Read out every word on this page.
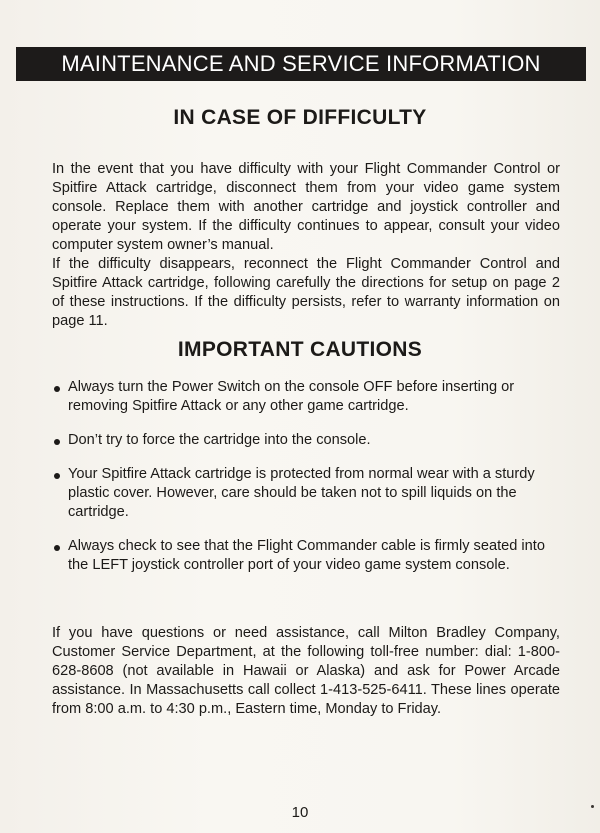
MAINTENANCE AND SERVICE INFORMATION
IN CASE OF DIFFICULTY

In the event that you have difficulty with your Flight Commander Control or Spitfire Attack cartridge, disconnect them from your video game system console. Replace them with another cartridge and joystick controller and operate your system. If the difficulty continues to appear, consult your video computer system owner’s manual.

If the difficulty disappears, reconnect the Flight Commander Control and Spitfire Attack cartridge, following carefully the directions for setup on page 2 of these instructions. If the difficulty persists, refer to warranty information on page 11.

IMPORTANT CAUTIONS
Always turn the Power Switch on the console OFF before inserting or removing Spitfire Attack or any other game cartridge.
Don’t try to force the cartridge into the console.
Your Spitfire Attack cartridge is protected from normal wear with a sturdy plastic cover. However, care should be taken not to spill liquids on the cartridge.
Always check to see that the Flight Commander cable is firmly seated into the LEFT joystick controller port of your video game system console.

If you have questions or need assistance, call Milton Bradley Company, Customer Service Department, at the following toll-free number: dial: 1-800-628-8608 (not available in Hawaii or Alaska) and ask for Power Arcade assistance. In Massachusetts call collect 1-413-525-6411. These lines operate from 8:00 a.m. to 4:30 p.m., Eastern time, Monday to Friday.

10
